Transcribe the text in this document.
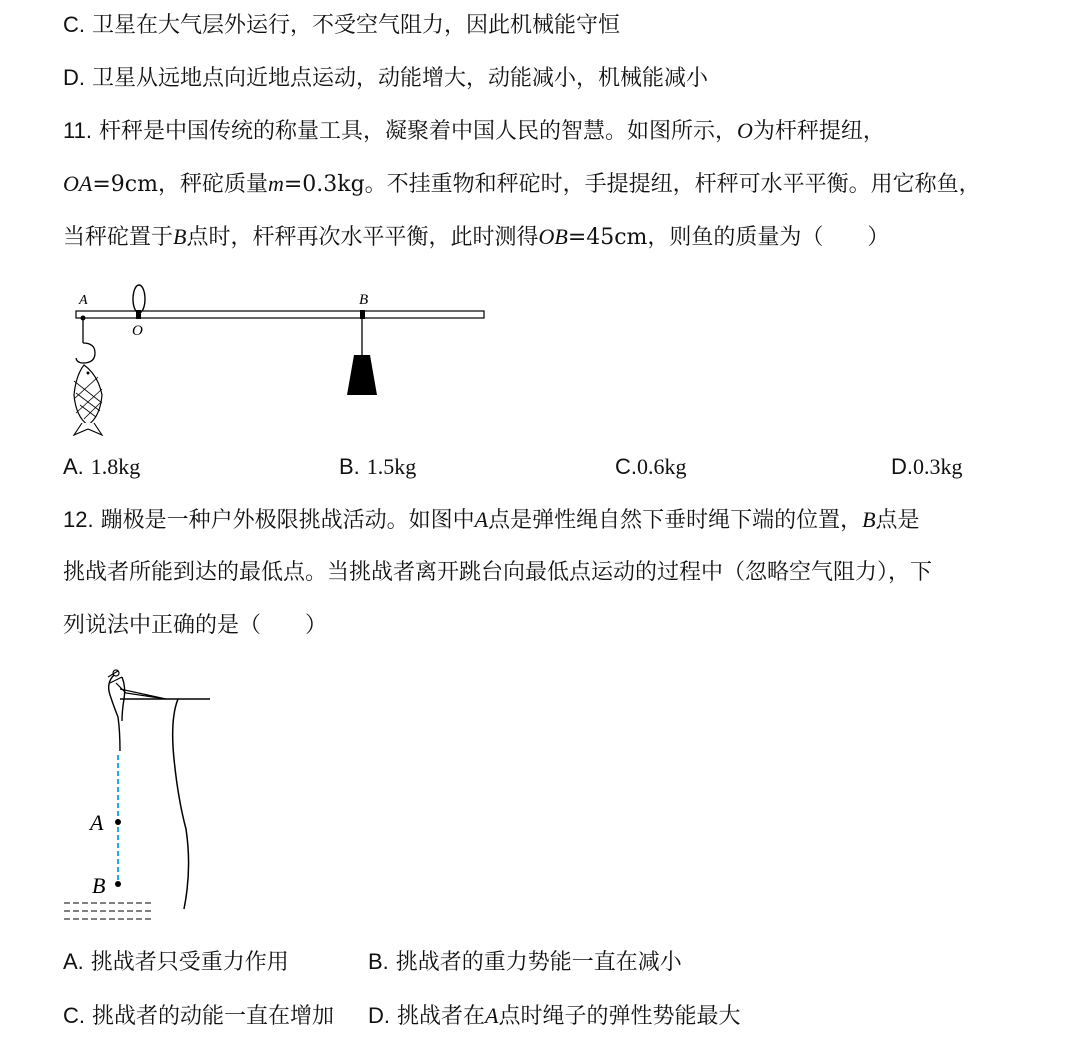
C. 卫星在大气层外运行，不受空气阻力，因此机械能守恒
D. 卫星从远地点向近地点运动，动能增大，动能减小，机械能减小
11. 杆秤是中国传统的称量工具，凝聚着中国人民的智慧。如图所示，O为杆秤提纽，
OA=9cm，秤砣质量m=0.3kg。不挂重物和秤砣时，手提提纽，杆秤可水平平衡。用它称鱼，
当秤砣置于B点时，杆秤再次水平平衡，此时测得OB=45cm，则鱼的质量为（　　）
A
O
B
A. 1.8kg	B. 1.5kg	C.0.6kg	D.0.3kg
12. 蹦极是一种户外极限挑战活动。如图中A点是弹性绳自然下垂时绳下端的位置，B点是
挑战者所能到达的最低点。当挑战者离开跳台向最低点运动的过程中（忽略空气阻力），下
列说法中正确的是（　　）
A
B
A. 挑战者只受重力作用	B. 挑战者的重力势能一直在减小
C. 挑战者的动能一直在增加 D. 挑战者在A点时绳子的弹性势能最大
